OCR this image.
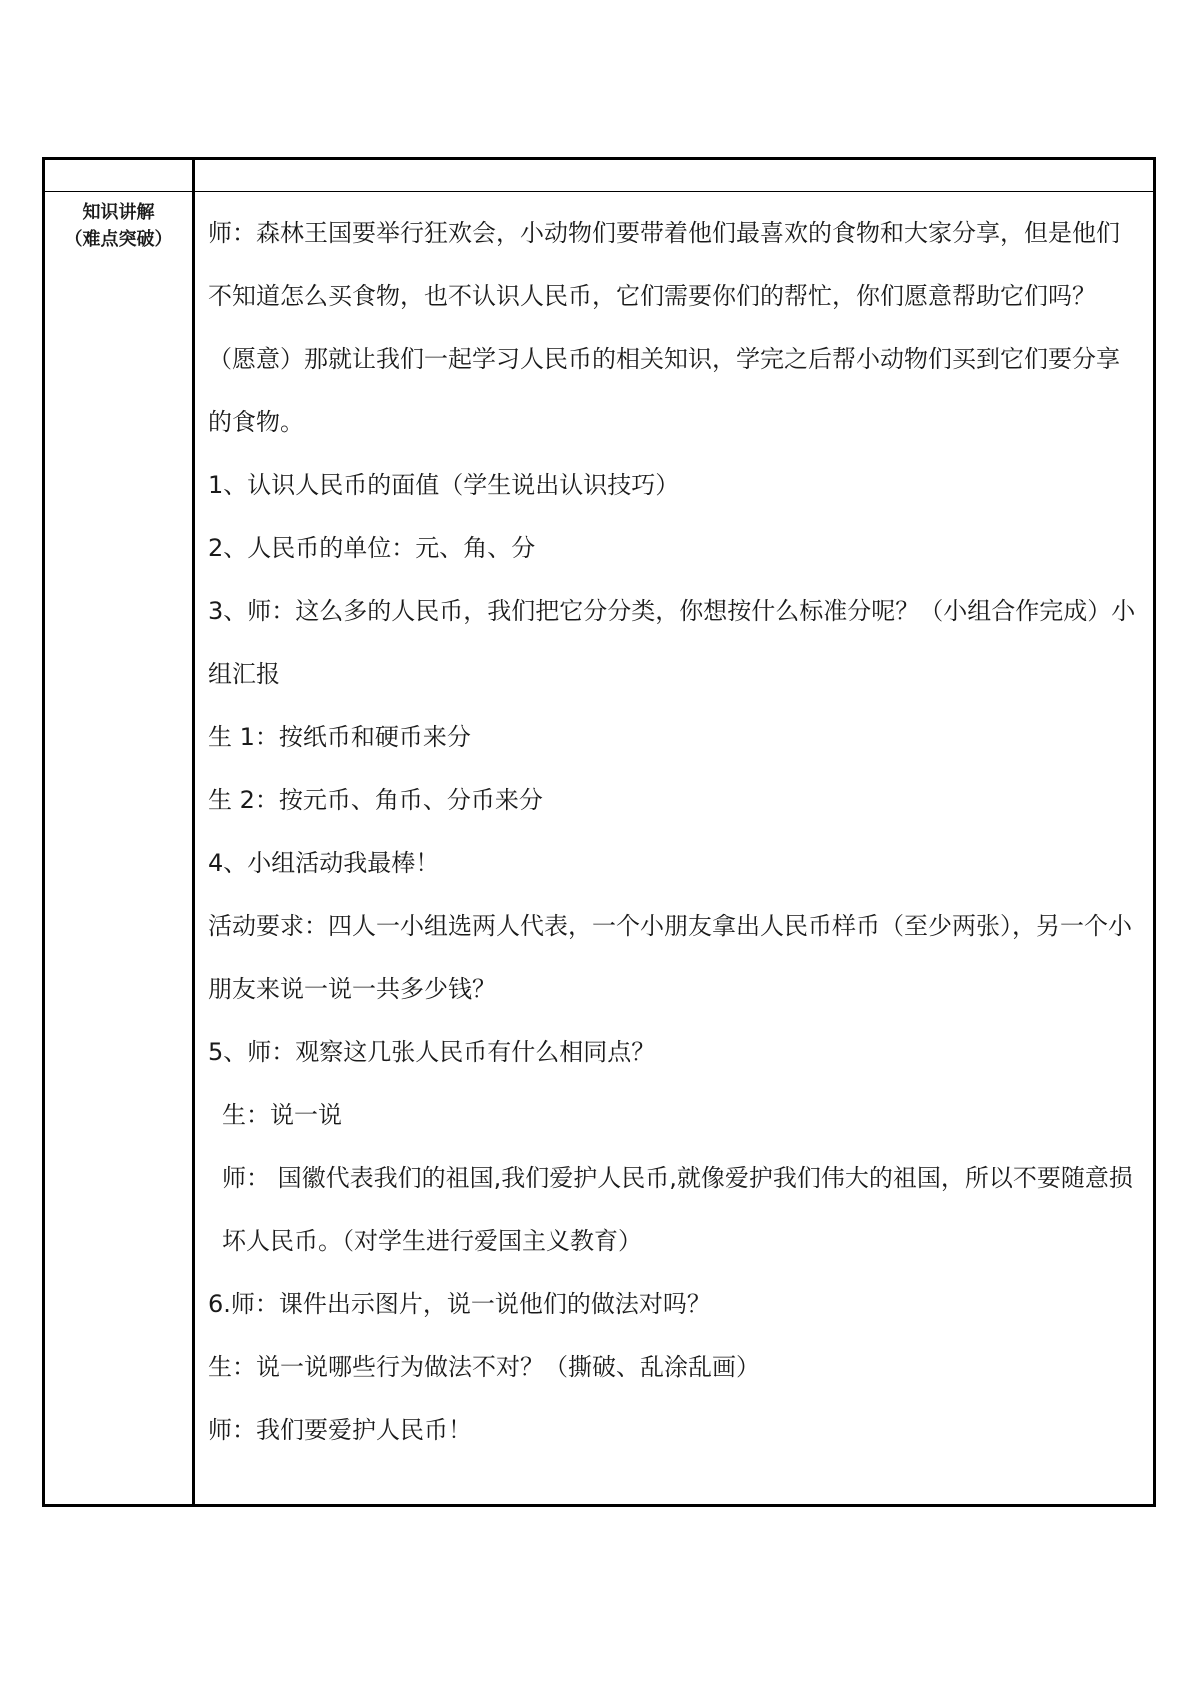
知识讲解
（难点突破）	师：森林王国要举行狂欢会，小动物们要带着他们最喜欢的食物和大家分享，但是他们不知道怎么买食物，也不认识人民币，它们需要你们的帮忙，你们愿意帮助它们吗？

（愿意）那就让我们一起学习人民币的相关知识，学完之后帮小动物们买到它们要分享的食物。

1、认识人民币的面值（学生说出认识技巧）

2、人民币的单位：元、角、分

3、师：这么多的人民币，我们把它分分类，你想按什么标准分呢？（小组合作完成）小组汇报

生 1：按纸币和硬币来分

生 2：按元币、角币、分币来分

4、小组活动我最棒！

活动要求：四人一小组选两人代表，一个小朋友拿出人民币样币（至少两张），另一个小朋友来说一说一共多少钱？

5、师：观察这几张人民币有什么相同点？

生：说一说

师： 国徽代表我们的祖国,我们爱护人民币,就像爱护我们伟大的祖国，所以不要随意损坏人民币。（对学生进行爱国主义教育）

6.师：课件出示图片，说一说他们的做法对吗？

生：说一说哪些行为做法不对？（撕破、乱涂乱画）

师：我们要爱护人民币！
